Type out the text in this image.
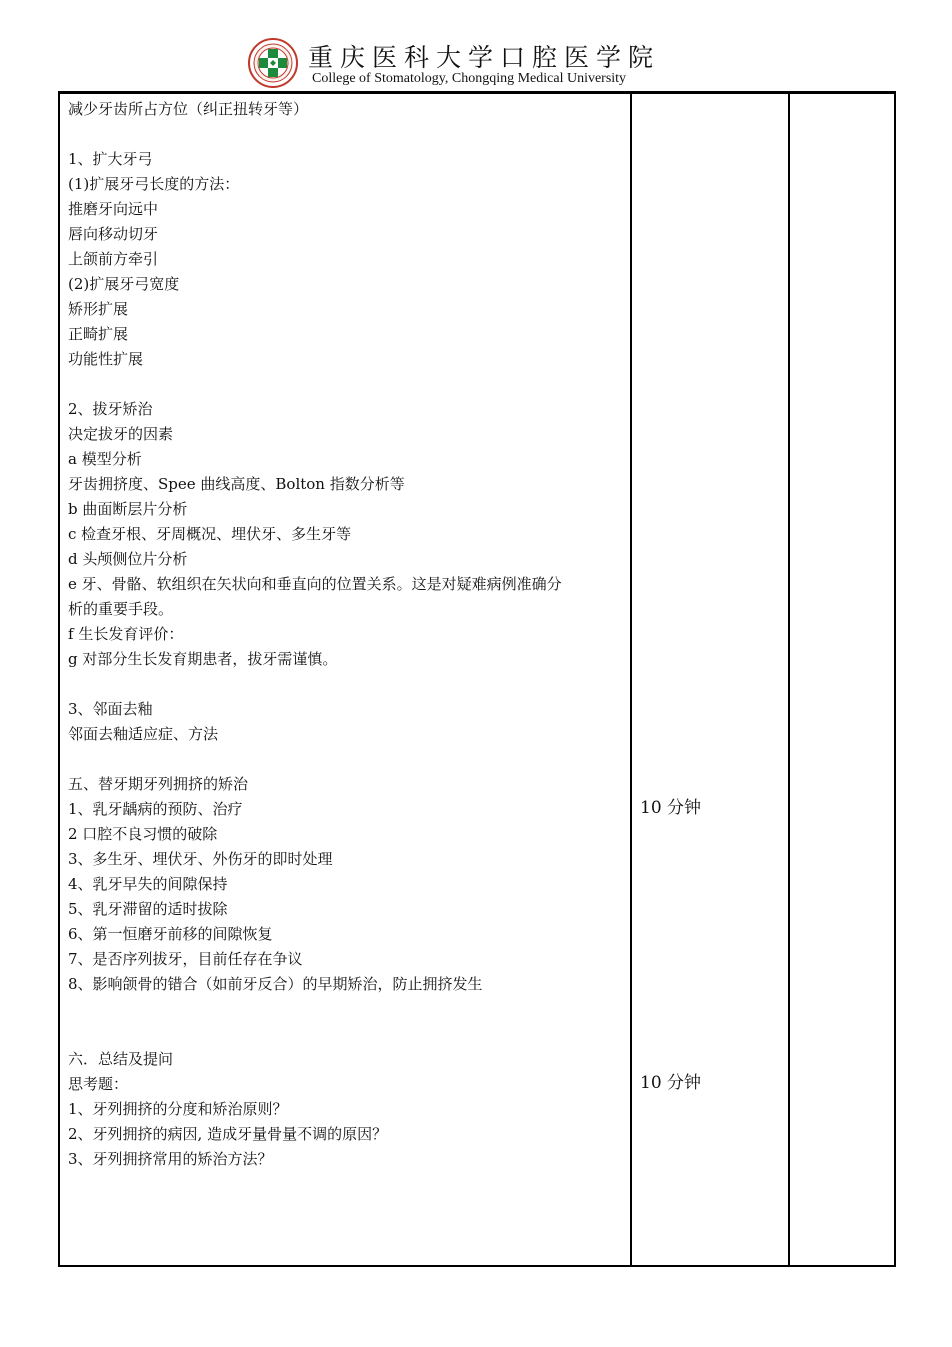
重庆医科大学口腔医学院
College of Stomatology, Chongqing Medical University
减少牙齿所占方位（纠正扭转牙等）
1、扩大牙弓
(1)扩展牙弓长度的方法：
推磨牙向远中
唇向移动切牙
上颌前方牵引
(2)扩展牙弓宽度
矫形扩展
正畸扩展
功能性扩展
2、拔牙矫治
决定拔牙的因素
a 模型分析
牙齿拥挤度、Spee 曲线高度、Bolton 指数分析等
b 曲面断层片分析
c 检查牙根、牙周概况、埋伏牙、多生牙等
d 头颅侧位片分析
e 牙、骨骼、软组织在矢状向和垂直向的位置关系。这是对疑难病例准确分
析的重要手段。
f 生长发育评价：
g 对部分生长发育期患者，拔牙需谨慎。
3、邻面去釉
邻面去釉适应症、方法
五、替牙期牙列拥挤的矫治
1、乳牙龋病的预防、治疗
2 口腔不良习惯的破除
3、多生牙、埋伏牙、外伤牙的即时处理
4、乳牙早失的间隙保持
5、乳牙滞留的适时拔除
6、第一恒磨牙前移的间隙恢复
7、是否序列拔牙，目前任存在争议
8、影响颌骨的错合（如前牙反合）的早期矫治，防止拥挤发生
六．总结及提问
思考题：
1、牙列拥挤的分度和矫治原则？
2、牙列拥挤的病因, 造成牙量骨量不调的原因？
3、牙列拥挤常用的矫治方法？
10 分钟
10 分钟
